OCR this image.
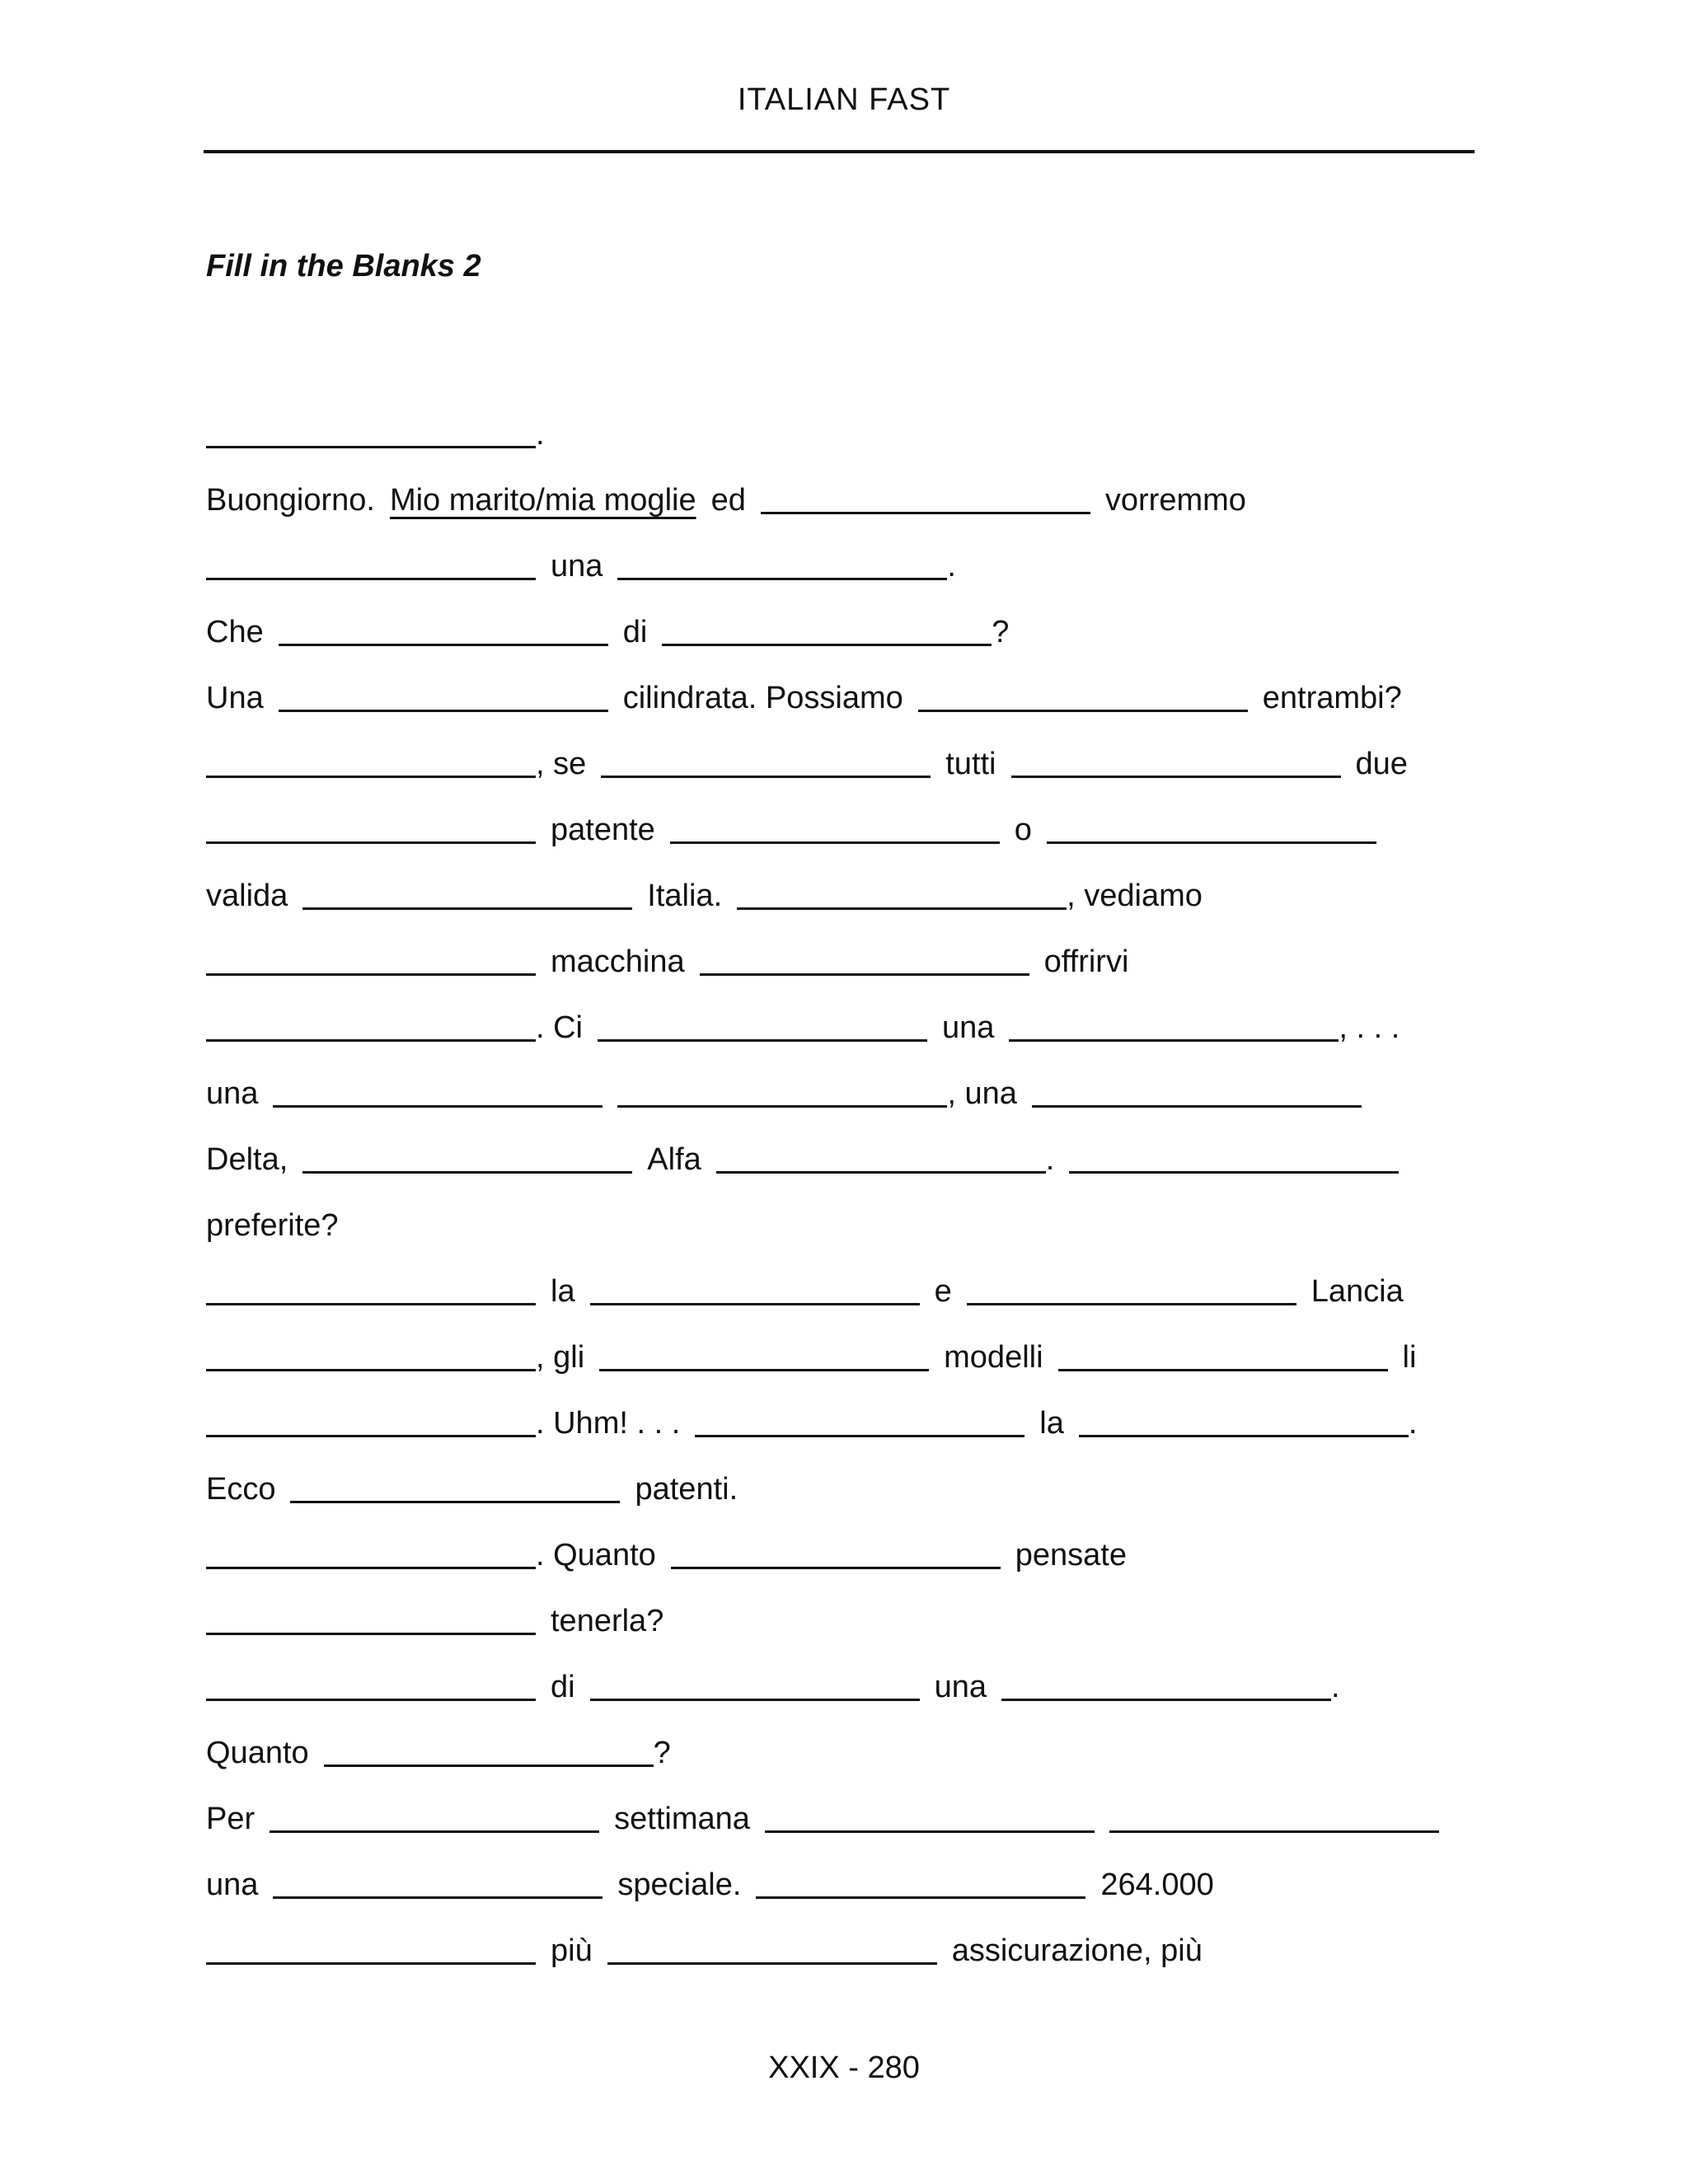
ITALIAN FAST
Fill in the Blanks 2
.
Buongiorno. Mio marito/mia moglie ed	vorremmo
una	.
Che	di	?
Una	cilindrata. Possiamo	entrambi?
, se	tutti	due
patente	o
valida	Italia.	, vediamo
macchina	offrirvi
. Ci	una	, . . .
una	, una
Delta,	Alfa	.
preferite?
la	e	Lancia
, gli	modelli	li
. Uhm! . . .	la	.
Ecco	patenti.
. Quanto	pensate
tenerla?
di	una	.
Quanto	?
Per	settimana
una	speciale.	264.000
più	assicurazione, più
XXIX - 280
